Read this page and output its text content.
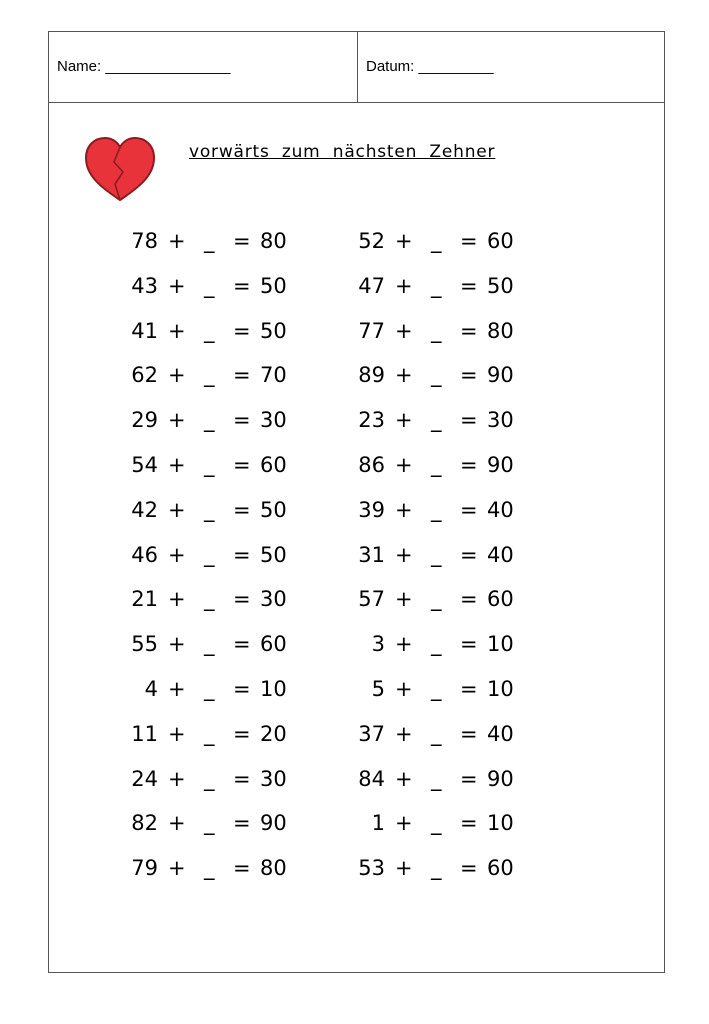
Name: _______________	Datum: _________
vorwärts zum nächsten Zehner
78 + _ = 80
43 + _ = 50
41 + _ = 50
62 + _ = 70
29 + _ = 30
54 + _ = 60
42 + _ = 50
46 + _ = 50
21 + _ = 30
55 + _ = 60
4 + _ = 10
11 + _ = 20
24 + _ = 30
82 + _ = 90
79 + _ = 80
52 + _ = 60
47 + _ = 50
77 + _ = 80
89 + _ = 90
23 + _ = 30
86 + _ = 90
39 + _ = 40
31 + _ = 40
57 + _ = 60
3 + _ = 10
5 + _ = 10
37 + _ = 40
84 + _ = 90
1 + _ = 10
53 + _ = 60
